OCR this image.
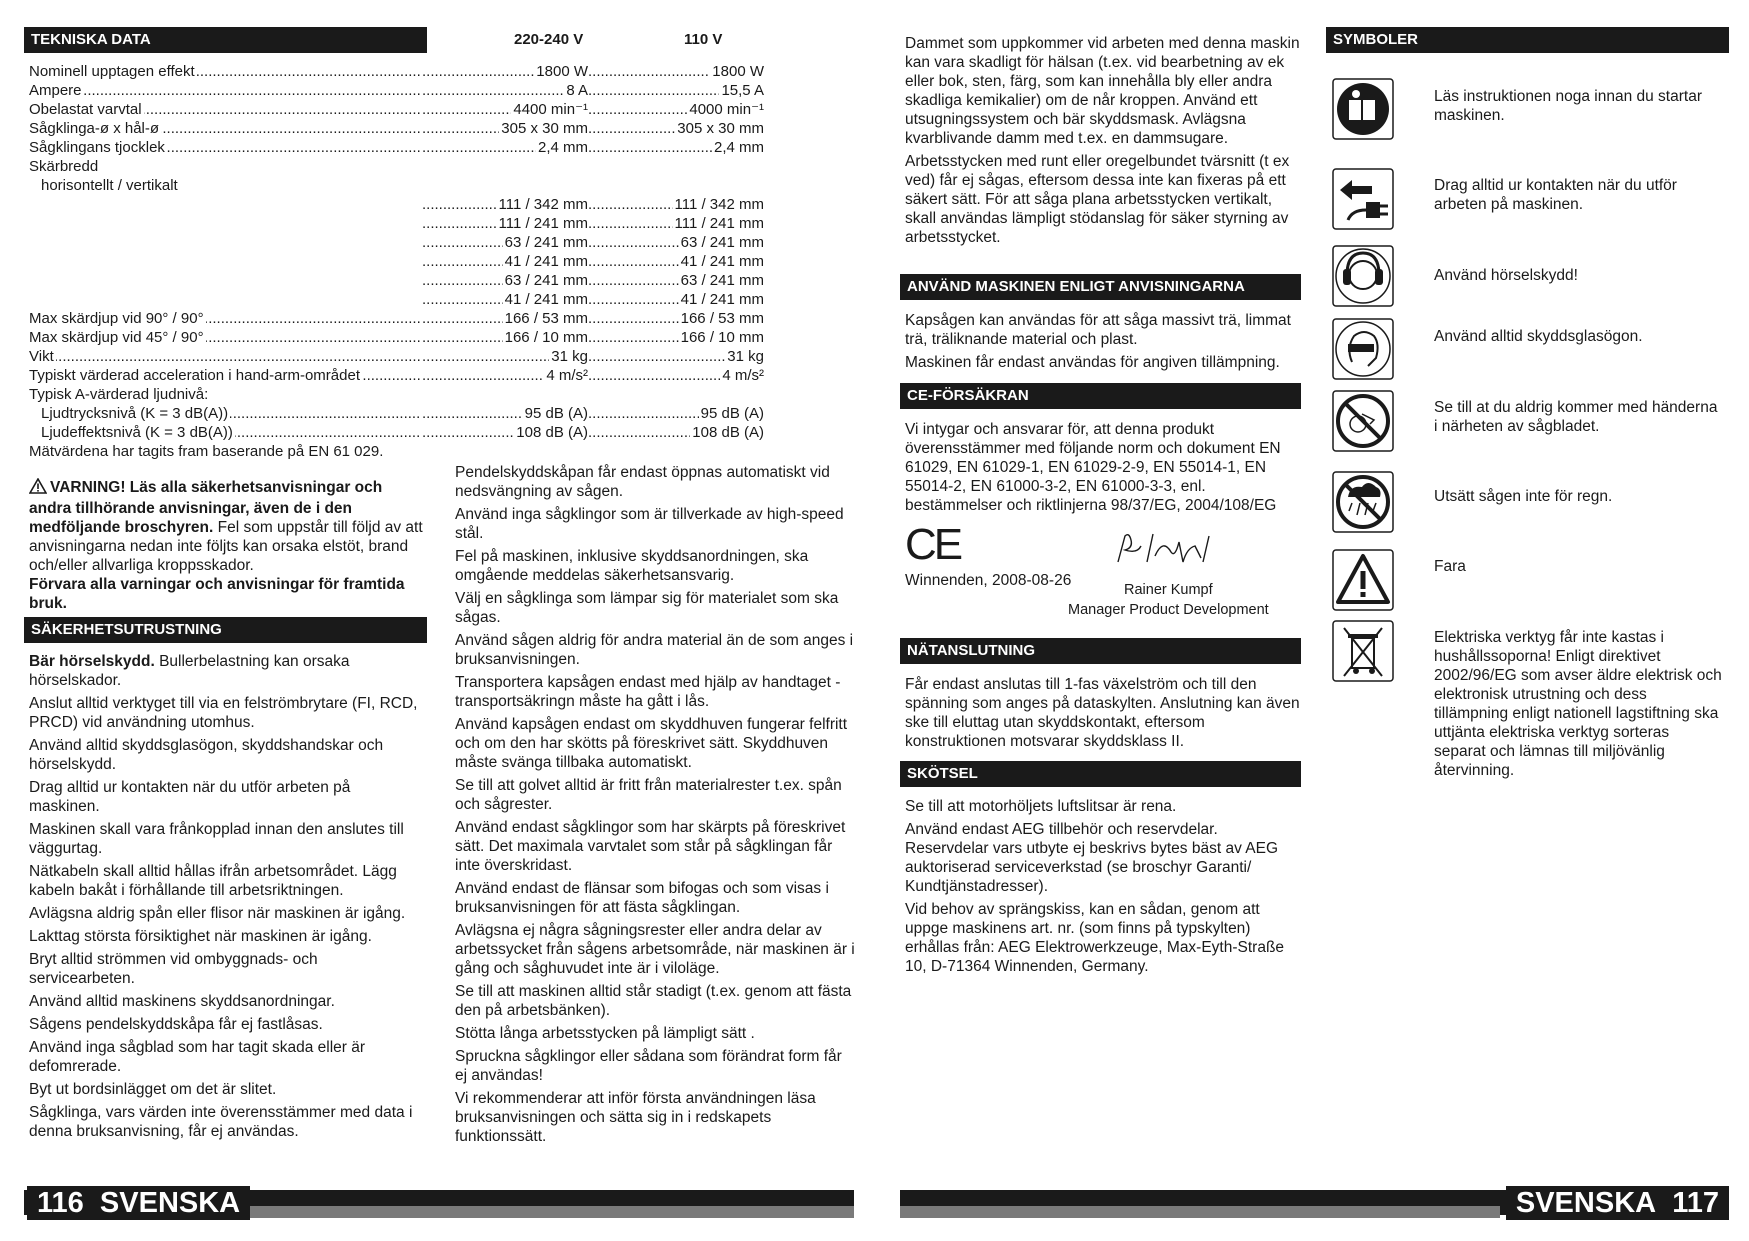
TEKNISKA DATA	220-240 V	110 V
.....
Nominell upptagen effekt .....	1800 W .....	1800 W
.....
Ampere .....	8 A .....	15,5 A
.....
Obelastat varvtal .....	4400 min⁻¹ .....	4000 min⁻¹
.....
Sågklinga-ø x hål-ø .....	305 x 30 mm .....	305 x 30 mm
.....
Sågklingans tjocklek .....	2,4 mm .....	2,4 mm
Skärbredd
horisontellt / vertikalt
.....
111 / 342 mm .....	111 / 342 mm
.....
111 / 241 mm .....	111 / 241 mm
.....
63 / 241 mm .....	63 / 241 mm
.....
41 / 241 mm .....	41 / 241 mm
.....
63 / 241 mm .....	63 / 241 mm
.....
41 / 241 mm .....	41 / 241 mm
.....
Max skärdjup vid 90° / 90° .....	166 / 53 mm .....	166 / 53 mm
.....
Max skärdjup vid 45° / 90° .....	166 / 10 mm .....	166 / 10 mm
.....
Vikt .....	31 kg .....	31 kg
.....
Typiskt värderad acceleration i hand-arm-området .....	4 m/s² .....	4 m/s²
Typisk A-värderad ljudnivå:
.....
Ljudtrycksnivå (K = 3 dB(A)) .....	95 dB (A) .....	95 dB (A)
.....
Ljudeffektsnivå (K = 3 dB(A)) .....	108 dB (A) .....	108 dB (A)
Mätvärdena har tagits fram baserande på EN 61 029.

VARNING! Läs alla säkerhetsanvisningar och andra tillhörande anvisningar, även de i den medföljande broschyren. Fel som uppstår till följd av att anvisningarna nedan inte följts kan orsaka elstöt, brand och/eller allvarliga kroppsskador.
Förvara alla varningar och anvisningar för framtida bruk.

SÄKERHETSUTRUSTNING

Bär hörselskydd. Bullerbelastning kan orsaka hörselskador.

Anslut alltid verktyget till via en felströmbrytare (FI, RCD, PRCD) vid användning utomhus.

Använd alltid skyddsglasögon, skyddshandskar och hörselskydd.

Drag alltid ur kontakten när du utför arbeten på maskinen.

Maskinen skall vara frånkopplad innan den anslutes till väggurtag.

Nätkabeln skall alltid hållas ifrån arbetsområdet. Lägg kabeln bakåt i förhållande till arbetsriktningen.

Avlägsna aldrig spån eller flisor när maskinen är igång.

Lakttag största försiktighet när maskinen är igång.

Bryt alltid strömmen vid ombyggnads- och servicearbeten.

Använd alltid maskinens skyddsanordningar.

Sågens pendelskyddskåpa får ej fastlåsas.

Använd inga sågblad som har tagit skada eller är defomrerade.

Byt ut bordsinlägget om det är slitet.

Sågklinga, vars värden inte överensstämmer med data i denna bruksanvisning, får ej användas.

Pendelskyddskåpan får endast öppnas automatiskt vid nedsvängning av sågen.

Använd inga sågklingor som är tillverkade av high-speed stål.

Fel på maskinen, inklusive skyddsanordningen, ska omgående meddelas säkerhetsansvarig.

Välj en sågklinga som lämpar sig för materialet som ska sågas.

Använd sågen aldrig för andra material än de som anges i bruksanvisningen.

Transportera kapsågen endast med hjälp av handtaget - transportsäkringn måste ha gått i lås.

Använd kapsågen endast om skyddhuven fungerar felfritt och om den har skötts på föreskrivet sätt. Skyddhuven måste svänga tillbaka automatiskt.

Se till att golvet alltid är fritt från materialrester t.ex. spån och sågrester.

Använd endast sågklingor som har skärpts på föreskrivet sätt. Det maximala varvtalet som står på sågklingan får inte överskridast.

Använd endast de flänsar som bifogas och som visas i bruksanvisningen för att fästa sågklingan.

Avlägsna ej några sågningsrester eller andra delar av arbetssycket från sågens arbetsområde, när maskinen är i gång och såghuvudet inte är i viloläge.

Se till att maskinen alltid står stadigt (t.ex. genom att fästa den på arbetsbänken).

Stötta långa arbetsstycken på lämpligt sätt .

Spruckna sågklingor eller sådana som förändrat form får ej användas!

Vi rekommenderar att inför första användningen läsa bruksanvisningen och sätta sig in i redskapets funktionssätt.

116 SVENSKA

Dammet som uppkommer vid arbeten med denna maskin kan vara skadligt för hälsan (t.ex. vid bearbetning av ek eller bok, sten, färg, som kan innehålla bly eller andra skadliga kemikalier) om de når kroppen. Använd ett utsugningssystem och bär skyddsmask. Avlägsna kvarblivande damm med t.ex. en dammsugare.

Arbetsstycken med runt eller oregelbundet tvärsnitt (t ex ved) får ej sågas, eftersom dessa inte kan fixeras på ett säkert sätt. För att såga plana arbetsstycken vertikalt, skall användas lämpligt stödanslag för säker styrning av arbetsstycket.

ANVÄND MASKINEN ENLIGT ANVISNINGARNA

Kapsågen kan användas för att såga massivt trä, limmat trä, träliknande material och plast.

Maskinen får endast användas för angiven tillämpning.

CE-FÖRSÄKRAN
Vi intygar och ansvarar för, att denna produkt överensstämmer med följande norm och dokument EN 61029, EN 61029-1, EN 61029-2-9, EN 55014-1, EN 55014-2, EN 61000-3-2, EN 61000-3-3, enl. bestämmelser och riktlinjerna 98/37/EG, 2004/108/EG
CE
Winnenden, 2008-08-26
Rainer Kumpf
Manager Product Development
NÄTANSLUTNING
Får endast anslutas till 1-fas växelström och till den spänning som anges på dataskylten. Anslutning kan även ske till eluttag utan skyddskontakt, eftersom konstruktionen motsvarar skyddsklass II.
SKÖTSEL

Se till att motorhöljets luftslitsar är rena.

Använd endast AEG tillbehör och reservdelar. Reservdelar vars utbyte ej beskrivs bytes bäst av AEG auktoriserad serviceverkstad (se broschyr Garanti/ Kundtjänstadresser).

Vid behov av sprängskiss, kan en sådan, genom att uppge maskinens art. nr. (som finns på typskylten) erhållas från: AEG Elektrowerkzeuge, Max-Eyth-Straße 10, D-71364 Winnenden, Germany.

SYMBOLER
Läs instruktionen noga innan du startar maskinen.
Drag alltid ur kontakten när du utför arbeten på maskinen.
Använd hörselskydd!
Använd alltid skyddsglasögon.
Se till at du aldrig kommer med händerna i närheten av sågbladet.
Utsätt sågen inte för regn.
Fara
Elektriska verktyg får inte kastas i hushållssoporna! Enligt direktivet 2002/96/EG som avser äldre elektrisk och elektronisk utrustning och dess tillämpning enligt nationell lagstiftning ska uttjänta elektriska verktyg sorteras separat och lämnas till miljövänlig återvinning.
SVENSKA 117
